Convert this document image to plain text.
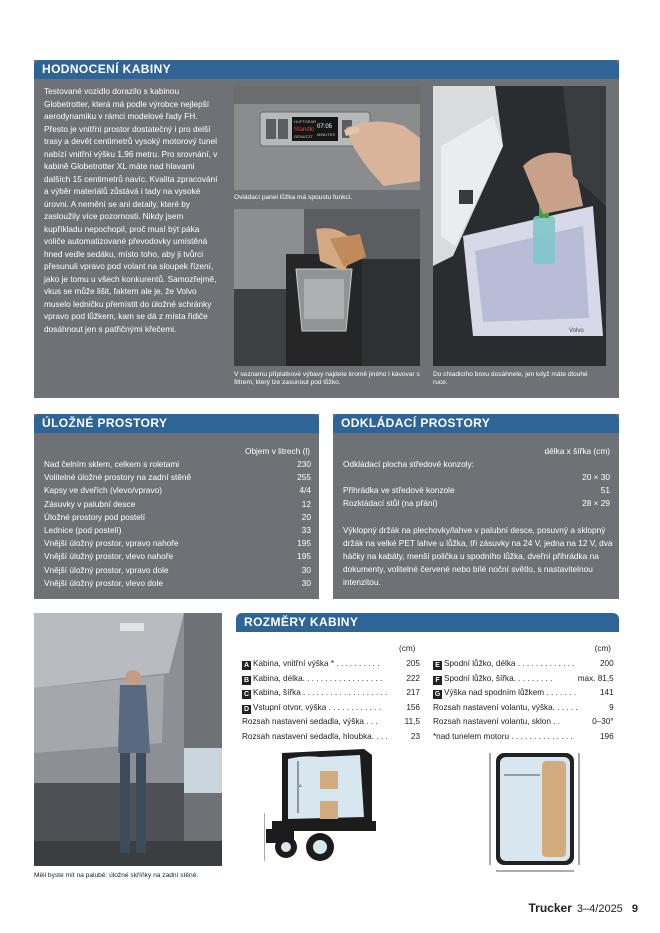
HODNOCENÍ KABINY
Testované vozidlo dorazilo s kabinou Globetrotter, která má podle výrobce nejlepší aerodynamiku v rámci modelové řady FH. Přesto je vnitřní prostor dostatečný i pro delší trasy a devět centimetrů vysoký motorový tunel nabízí vnitřní výšku 1,96 metru. Pro srovnání, v kabině Globetrotter XL máte nad hlavami dalších 15 centimetrů navíc. Kvalita zpracování a výběr materiálů zůstává i tady na vysoké úrovni. A nemění se ani detaily, které by zasloužily více pozornosti. Nikdy jsem kupříkladu nepochopil, proč musí být páka voliče automatizované převodovky umístěná hned vedle sedáku, místo toho, aby ji tvůrci přesunuli vpravo pod volant na sloupek řízení, jako je tomu u všech konkurentů. Samozřejmě, vkus se může lišit, faktem ale je, že Volvo muselo ledničku přemístit do úložné schránky vpravo pod lůžkem, kam se dá z místa řidiče dosáhnout jen s patřičnými křečemi.
HUFTGEAR
Standkl
GENUTZT
07:05
MINUTES
Ovládací panel lůžka má spoustu funkcí.
V seznamu příplatkové výbavy najdete kromě jiného i kávovar s filtrem, který lze zasunout pod lůžko.
Volvo
Do chladicího boxu dosáhnete, jen když máte dlouhé ruce.
ÚLOŽNÉ PROSTORY
Objem v litrech (l)
Nad čelním sklem, celkem s roletami	230
Volitelné úložné prostory na zadní stěně	255
Kapsy ve dveřích (vlevo/vpravo)	4/4
Zásuvky v palubní desce	12
Úložné prostory pod postelí	20
Lednice (pod postelí)	33
Vnější úložný prostor, vpravo nahoře	195
Vnější úložný prostor, vlevo nahoře	195
Vnější úložný prostor, vpravo dole	30
Vnější úložný prostor, vlevo dole	30
ODKLÁDACÍ PROSTORY
délka x šířka (cm)
Odkládací plocha středové konzoly:
20 × 30
Přihrádka ve středové konzole	51
Rozkládací stůl (na přání)	28 × 29
Výklopný držák na plechovky/lahve v palubní desce, posuvný a sklopný držák na velké PET lahve u lůžka, tři zásuvky na 24 V, jedna na 12 V, dva háčky na kabáty, menší polička u spodního lůžka, dveřní přihrádka na dokumenty, volitelné červené nebo bílé noční světlo, s nastavitelnou intenzitou.
Měli byste mít na palubě: úložné skříňky na zadní stěně.
ROZMĚRY KABINY
(cm)	(cm)
A Kabina, vnitřní výška * . . . . . . . . . .	205
B Kabina, délka. . . . . . . . . . . . . . . . . .	222
C Kabina, šířka . . . . . . . . . . . . . . . . . . .	217
D Vstupní otvor, výška . . . . . . . . . . . .	156
Rozsah nastavení sedadla, výška . . .	11,5
Rozsah nastavení sedadla, hloubka. . . .	23
E Spodní lůžko, délka . . . . . . . . . . . . .	200
F Spodní lůžko, šířka. . . . . . . . .	max. 81,5
G Výška nad spodním lůžkem . . . . . . .	141
Rozsah nastavení volantu, výška. . . . . .	9
Rozsah nastavení volantu, sklon . .	0–30°
*nad tunelem motoru . . . . . . . . . . . . . .	196
A
Trucker 3–4/2025 9
